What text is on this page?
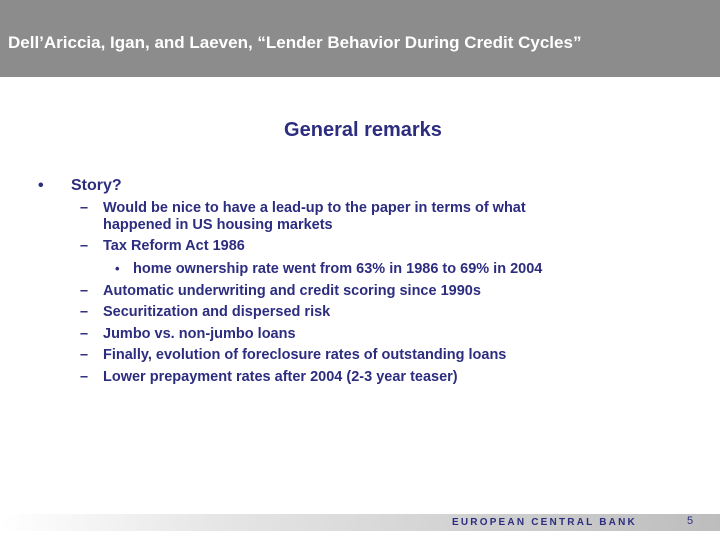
Dell’Ariccia, Igan, and Laeven, “Lender Behavior During Credit Cycles”
General remarks
• Story?
– Would be nice to have a lead-up to the paper in terms of what
happened in US housing markets
– Tax Reform Act 1986
• home ownership rate went from 63% in 1986 to 69% in 2004
– Automatic underwriting and credit scoring since 1990s
– Securitization and dispersed risk
– Jumbo vs. non-jumbo loans
– Finally, evolution of foreclosure rates of outstanding loans
– Lower prepayment rates after 2004 (2-3 year teaser)
EUROPEAN CENTRAL BANK	5
